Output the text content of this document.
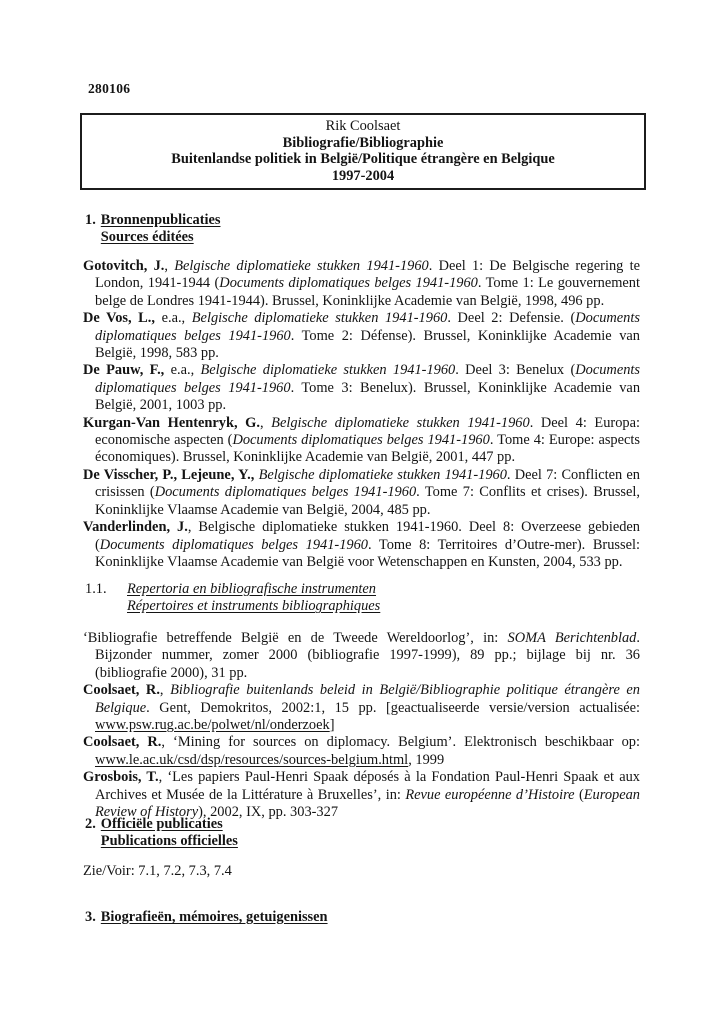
280106
Rik Coolsaet
Bibliografie/Bibliographie
Buitenlandse politiek in België/Politique étrangère en Belgique
1997-2004
1. Bronnenpublicaties
Sources éditées

Gotovitch, J., Belgische diplomatieke stukken 1941-1960. Deel 1: De Belgische regering te London, 1941-1944 (Documents diplomatiques belges 1941-1960. Tome 1: Le gouvernement belge de Londres 1941-1944). Brussel, Koninklijke Academie van België, 1998, 496 pp.

De Vos, L., e.a., Belgische diplomatieke stukken 1941-1960. Deel 2: Defensie. (Documents diplomatiques belges 1941-1960. Tome 2: Défense). Brussel, Koninklijke Academie van België, 1998, 583 pp.

De Pauw, F., e.a., Belgische diplomatieke stukken 1941-1960. Deel 3: Benelux (Documents diplomatiques belges 1941-1960. Tome 3: Benelux). Brussel, Koninklijke Academie van België, 2001, 1003 pp.

Kurgan-Van Hentenryk, G., Belgische diplomatieke stukken 1941-1960. Deel 4: Europa: economische aspecten (Documents diplomatiques belges 1941-1960. Tome 4: Europe: aspects économiques). Brussel, Koninklijke Academie van België, 2001, 447 pp.

De Visscher, P., Lejeune, Y., Belgische diplomatieke stukken 1941-1960. Deel 7: Conflicten en crisissen (Documents diplomatiques belges 1941-1960. Tome 7: Conflits et crises). Brussel, Koninklijke Vlaamse Academie van België, 2004, 485 pp.

Vanderlinden, J., Belgische diplomatieke stukken 1941-1960. Deel 8: Overzeese gebieden (Documents diplomatiques belges 1941-1960. Tome 8: Territoires d’Outre-mer). Brussel: Koninklijke Vlaamse Academie van België voor Wetenschappen en Kunsten, 2004, 533 pp.

1.1.	Repertoria en bibliografische instrumenten
Répertoires et instruments bibliographiques

‘Bibliografie betreffende België en de Tweede Wereldoorlog’, in: SOMA Berichtenblad. Bijzonder nummer, zomer 2000 (bibliografie 1997-1999), 89 pp.; bijlage bij nr. 36 (bibliografie 2000), 31 pp.

Coolsaet, R., Bibliografie buitenlands beleid in België/Bibliographie politique étrangère en Belgique. Gent, Demokritos, 2002:1, 15 pp. [geactualiseerde versie/version actualisée: www.psw.rug.ac.be/polwet/nl/onderzoek]

Coolsaet, R., ‘Mining for sources on diplomacy. Belgium’. Elektronisch beschikbaar op: www.le.ac.uk/csd/dsp/resources/sources-belgium.html, 1999

Grosbois, T., ‘Les papiers Paul-Henri Spaak déposés à la Fondation Paul-Henri Spaak et aux Archives et Musée de la Littérature à Bruxelles’, in: Revue européenne d’Histoire (European Review of History), 2002, IX, pp. 303-327

2. Officiële publicaties
Publications officielles
Zie/Voir: 7.1, 7.2, 7.3, 7.4
3. Biografieën, mémoires, getuigenissen
